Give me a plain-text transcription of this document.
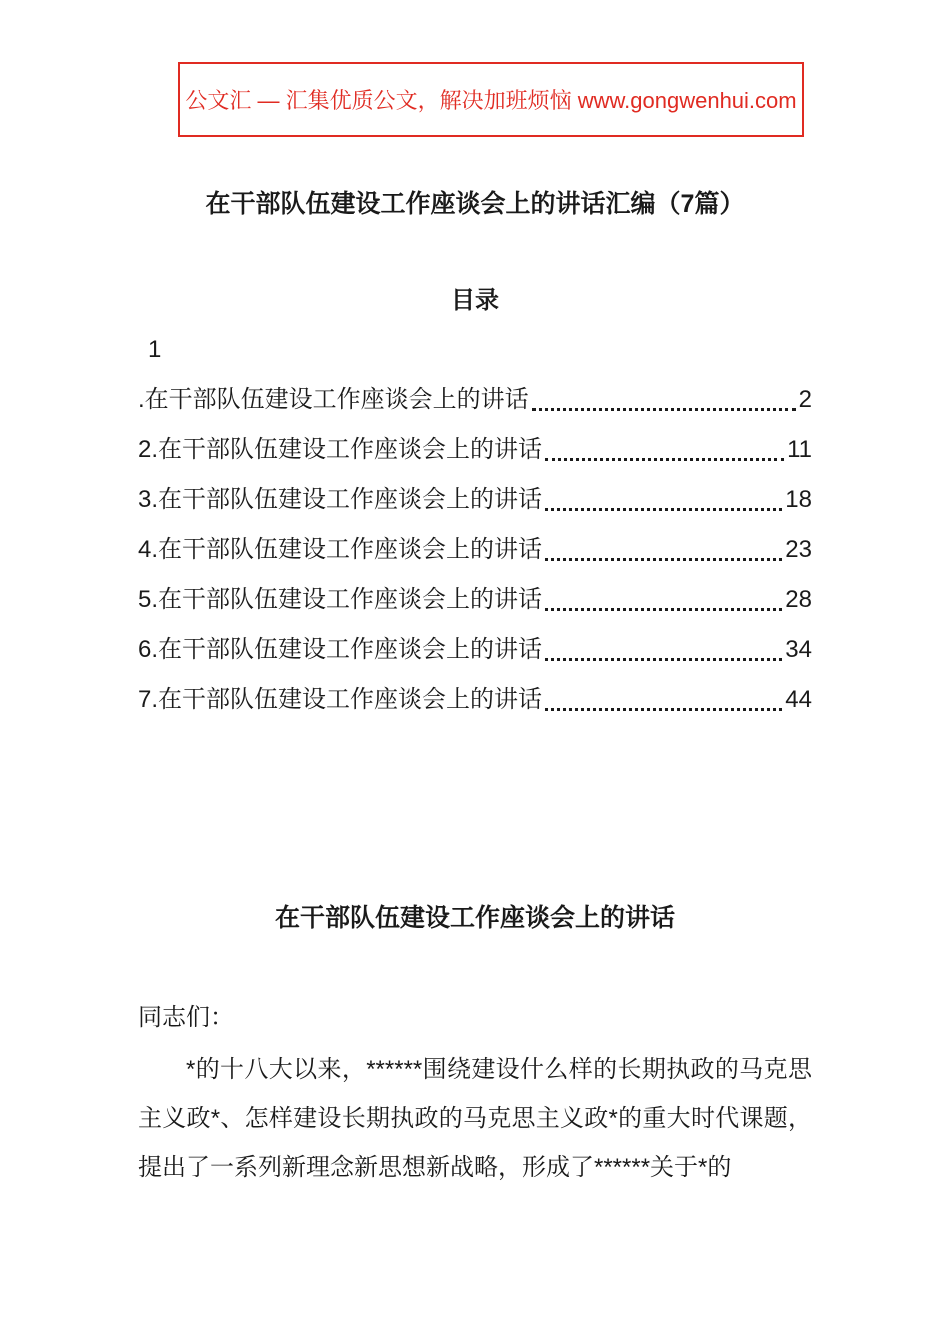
公文汇 — 汇集优质公文，解决加班烦恼 www.gongwenhui.com
在干部队伍建设工作座谈会上的讲话汇编（7篇）
目录
1
.在干部队伍建设工作座谈会上的讲话	2
2.在干部队伍建设工作座谈会上的讲话	11
3.在干部队伍建设工作座谈会上的讲话	18
4.在干部队伍建设工作座谈会上的讲话	23
5.在干部队伍建设工作座谈会上的讲话	28
6.在干部队伍建设工作座谈会上的讲话	34
7.在干部队伍建设工作座谈会上的讲话	44
在干部队伍建设工作座谈会上的讲话
同志们：
*的十八大以来，******围绕建设什么样的长期执政的马克思主义政*、怎样建设长期执政的马克思主义政*的重大时代课题，提出了一系列新理念新思想新战略，形成了******关于*的
